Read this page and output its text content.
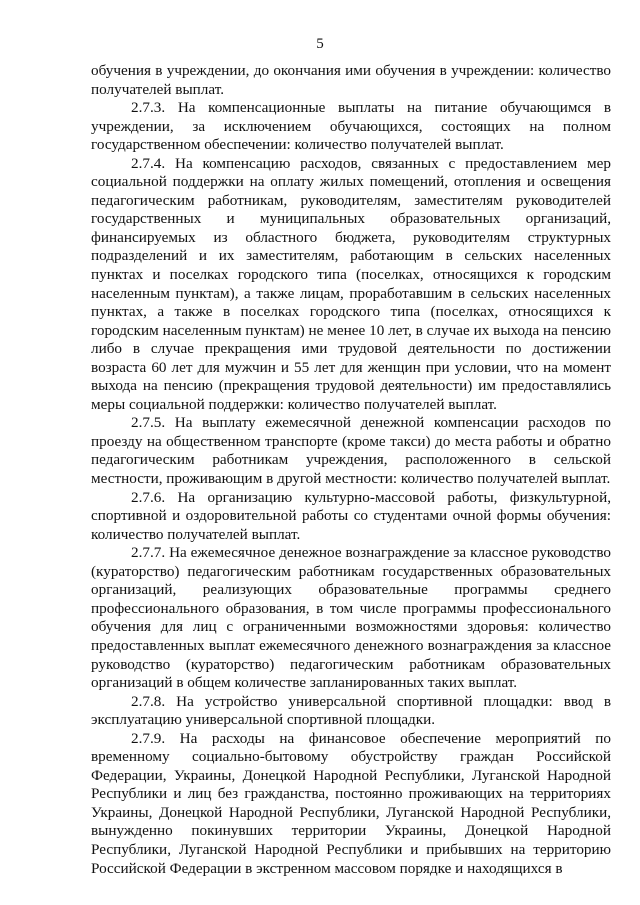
5

обучения в учреждении, до окончания ими обучения в учреждении: количество получателей выплат.

2.7.3. На компенсационные выплаты на питание обучающимся в учреждении, за исключением обучающихся, состоящих на полном государственном обеспечении: количество получателей выплат.

2.7.4. На компенсацию расходов, связанных с предоставлением мер социальной поддержки на оплату жилых помещений, отопления и освещения педагогическим работникам, руководителям, заместителям руководителей государственных и муниципальных образовательных организаций, финансируемых из областного бюджета, руководителям структурных подразделений и их заместителям, работающим в сельских населенных пунктах и поселках городского типа (поселках, относящихся к городским населенным пунктам), а также лицам, проработавшим в сельских населенных пунктах, а также в поселках городского типа (поселках, относящихся к городским населенным пунктам) не менее 10 лет, в случае их выхода на пенсию либо в случае прекращения ими трудовой деятельности по достижении возраста 60 лет для мужчин и 55 лет для женщин при условии, что на момент выхода на пенсию (прекращения трудовой деятельности) им предоставлялись меры социальной поддержки: количество получателей выплат.

2.7.5. На выплату ежемесячной денежной компенсации расходов по проезду на общественном транспорте (кроме такси) до места работы и обратно педагогическим работникам учреждения, расположенного в сельской местности, проживающим в другой местности: количество получателей выплат.

2.7.6. На организацию культурно-массовой работы, физкультурной, спортивной и оздоровительной работы со студентами очной формы обучения: количество получателей выплат.

2.7.7. На ежемесячное денежное вознаграждение за классное руководство (кураторство) педагогическим работникам государственных образовательных организаций, реализующих образовательные программы среднего профессионального образования, в том числе программы профессионального обучения для лиц с ограниченными возможностями здоровья: количество предоставленных выплат ежемесячного денежного вознаграждения за классное руководство (кураторство) педагогическим работникам образовательных организаций в общем количестве запланированных таких выплат.

2.7.8. На устройство универсальной спортивной площадки: ввод в эксплуатацию универсальной спортивной площадки.

2.7.9. На расходы на финансовое обеспечение мероприятий по временному социально-бытовому обустройству граждан Российской Федерации, Украины, Донецкой Народной Республики, Луганской Народной Республики и лиц без гражданства, постоянно проживающих на территориях Украины, Донецкой Народной Республики, Луганской Народной Республики, вынужденно покинувших территории Украины, Донецкой Народной Республики, Луганской Народной Республики и прибывших на территорию Российской Федерации в экстренном массовом порядке и находящихся в
